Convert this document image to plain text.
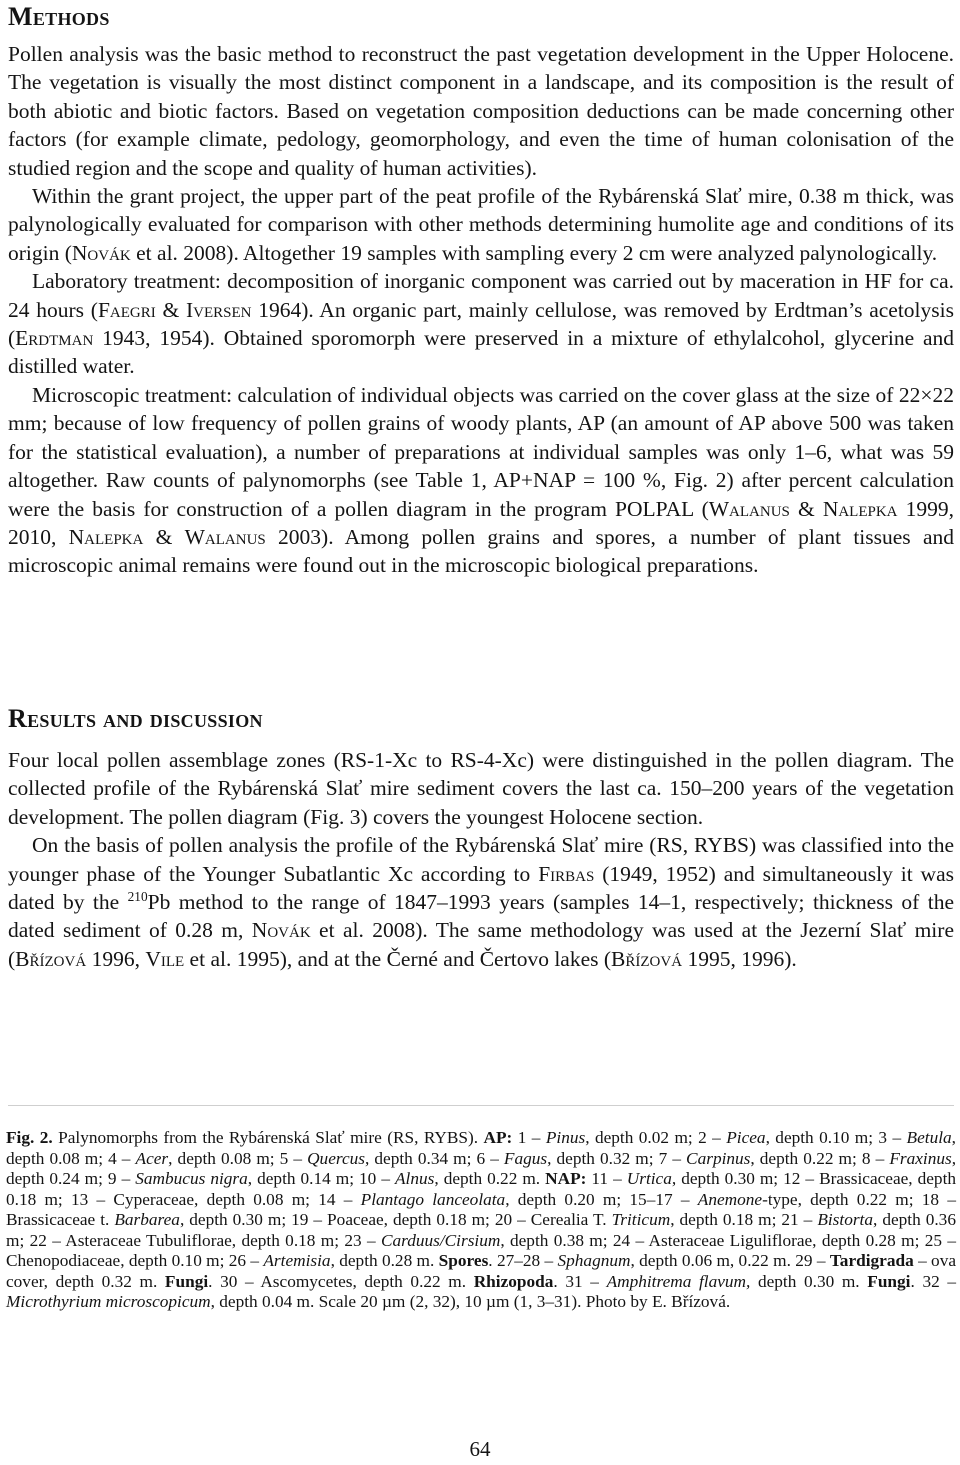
Methods

Pollen analysis was the basic method to reconstruct the past vegetation development in the Upper Holocene. The vegetation is visually the most distinct component in a landscape, and its composition is the result of both abiotic and biotic factors. Based on vegetation composition deductions can be made concerning other factors (for example climate, pedology, geomorphology, and even the time of human colonisation of the studied region and the scope and quality of human activities).

Within the grant project, the upper part of the peat profile of the Rybárenská Slať mire, 0.38 m thick, was palynologically evaluated for comparison with other methods determining humolite age and conditions of its origin (Novák et al. 2008). Altogether 19 samples with sampling every 2 cm were analyzed palynologically.

Laboratory treatment: decomposition of inorganic component was carried out by maceration in HF for ca. 24 hours (Faegri & Iversen 1964). An organic part, mainly cellulose, was removed by Erdtman’s acetolysis (Erdtman 1943, 1954). Obtained sporomorph were preserved in a mixture of ethylalcohol, glycerine and distilled water.

Microscopic treatment: calculation of individual objects was carried on the cover glass at the size of 22×22 mm; because of low frequency of pollen grains of woody plants, AP (an amount of AP above 500 was taken for the statistical evaluation), a number of preparations at individual samples was only 1–6, what was 59 altogether. Raw counts of palynomorphs (see Table 1, AP+NAP = 100 %, Fig. 2) after percent calculation were the basis for construction of a pollen diagram in the program POLPAL (Walanus & Nalepka 1999, 2010, Nalepka & Walanus 2003). Among pollen grains and spores, a number of plant tissues and microscopic animal remains were found out in the microscopic biological preparations.

Results and discussion

Four local pollen assemblage zones (RS-1-Xc to RS-4-Xc) were distinguished in the pollen diagram. The collected profile of the Rybárenská Slať mire sediment covers the last ca. 150–200 years of the vegetation development. The pollen diagram (Fig. 3) covers the youngest Holocene section.

On the basis of pollen analysis the profile of the Rybárenská Slať mire (RS, RYBS) was classified into the younger phase of the Younger Subatlantic Xc according to Firbas (1949, 1952) and simultaneously it was dated by the $^{210}$Pb method to the range of 1847–1993 years (samples 14–1, respectively; thickness of the dated sediment of 0.28 m, Novák et al. 2008). The same methodology was used at the Jezerní Slať mire (Břízová 1996, Vile et al. 1995), and at the Černé and Čertovo lakes (Břízová 1995, 1996).

Fig. 2. Palynomorphs from the Rybárenská Slať mire (RS, RYBS). AP: 1 – Pinus, depth 0.02 m; 2 – Picea, depth 0.10 m; 3 – Betula, depth 0.08 m; 4 – Acer, depth 0.08 m; 5 – Quercus, depth 0.34 m; 6 – Fagus, depth 0.32 m; 7 – Carpinus, depth 0.22 m; 8 – Fraxinus, depth 0.24 m; 9 – Sambucus nigra, depth 0.14 m; 10 – Alnus, depth 0.22 m. NAP: 11 – Urtica, depth 0.30 m; 12 – Brassicaceae, depth 0.18 m; 13 – Cyperaceae, depth 0.08 m; 14 – Plantago lanceolata, depth 0.20 m; 15–17 – Anemone-type, depth 0.22 m; 18 – Brassicaceae t. Barbarea, depth 0.30 m; 19 – Poaceae, depth 0.18 m; 20 – Cerealia T. Triticum, depth 0.18 m; 21 – Bistorta, depth 0.36 m; 22 – Asteraceae Tubuliflorae, depth 0.18 m; 23 – Carduus/Cirsium, depth 0.38 m; 24 – Asteraceae Liguliflorae, depth 0.28 m; 25 – Chenopodiaceae, depth 0.10 m; 26 – Artemisia, depth 0.28 m. Spores. 27–28 – Sphagnum, depth 0.06 m, 0.22 m. 29 – Tardigrada – ova cover, depth 0.32 m. Fungi. 30 – Ascomycetes, depth 0.22 m. Rhizopoda. 31 – Amphitrema flavum, depth 0.30 m. Fungi. 32 – Microthyrium microscopicum, depth 0.04 m. Scale 20 µm (2, 32), 10 µm (1, 3–31). Photo by E. Břízová.

64
